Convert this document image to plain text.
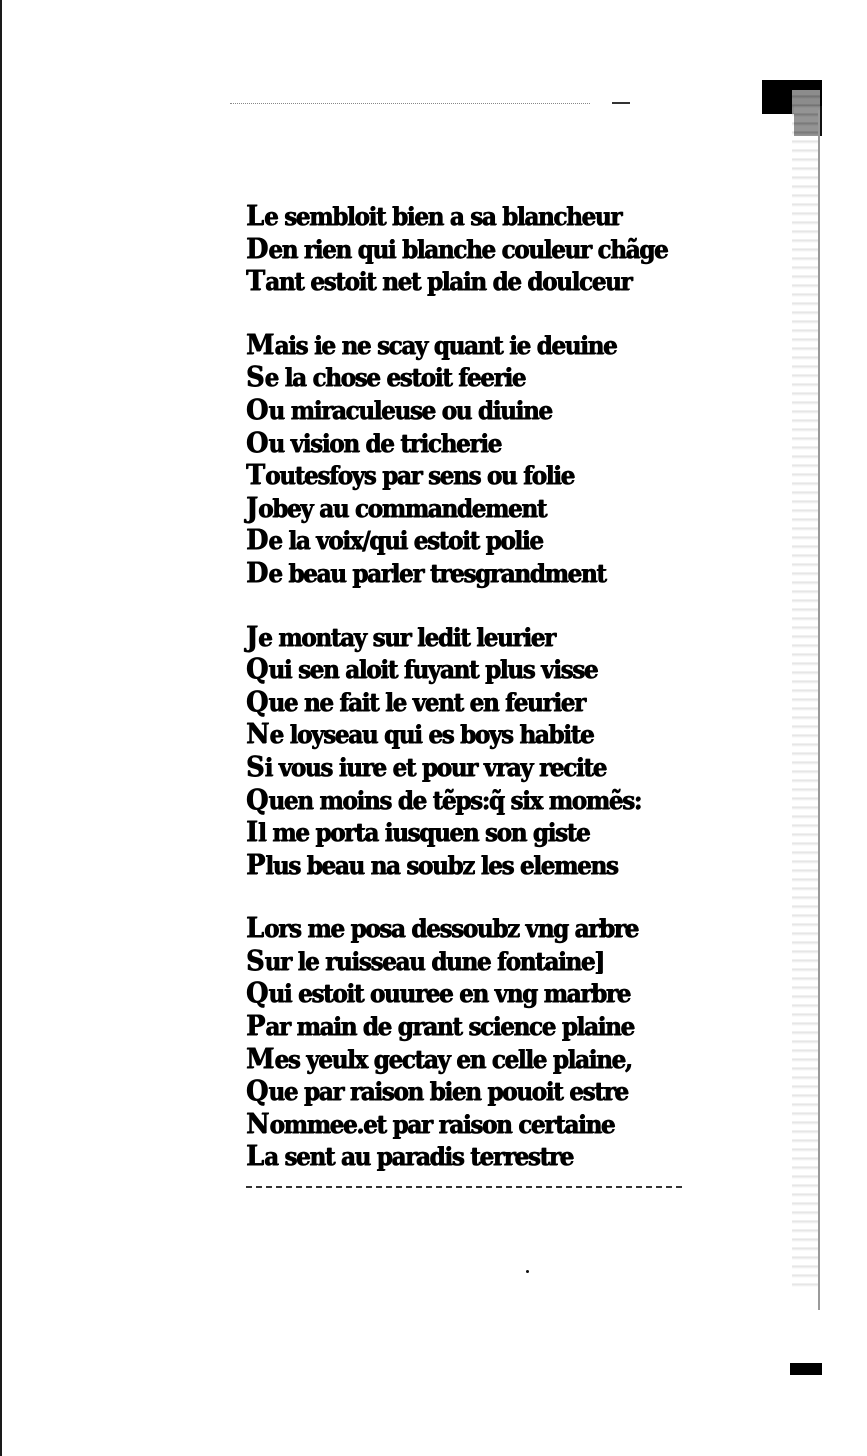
Le sembloit bien a sa blancheur
Den rien qui blanche couleur chãge
Tant estoit net plain de doulceur
Mais ie ne scay quant ie deuine
Se la chose estoit feerie
Ou miraculeuse ou diuine
Ou vision de tricherie
Toutesfoys par sens ou folie
Jobey au commandement
De la voix/qui estoit polie
De beau parler tresgrandment
Je montay sur ledit leurier
Qui sen aloit fuyant plus visse
Que ne fait le vent en feurier
Ne loyseau qui es boys habite
Si vous iure et pour vray recite
Quen moins de tẽps:q̃ six momẽs:
Il me porta iusquen son giste
Plus beau na soubz les elemens
Lors me posa dessoubz vng arbre
Sur le ruisseau dune fontaine]
Qui estoit ouuree en vng marbre
Par main de grant science plaine
Mes yeulx gectay en celle plaine,
Que par raison bien pouoit estre
Nommee.et par raison certaine
La sent au paradis terrestre
